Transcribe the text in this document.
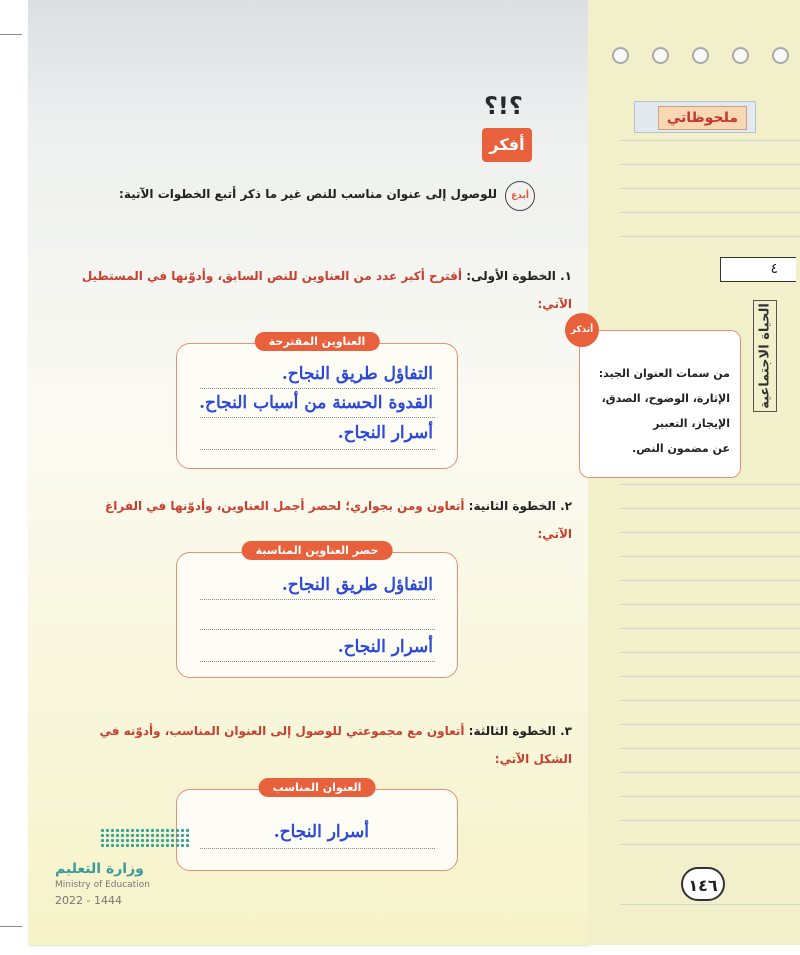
ملحوظاتي
٤
الحياة الاجتماعية
من سمات العنوان الجيد:
الإثارة، الوضوح، الصدق،
الإيجاز، التعبير
عن مضمون النص.
أتذكر
١٤٦
؟!؟
أفكر
أبدع
للوصول إلى عنوان مناسب للنص غير ما ذكر أتبع الخطوات الآتية:
١. الخطوة الأولى: أقترح أكبر عدد من العناوين للنص السابق، وأدوّنها في المستطيل الآتي:
العناوين المقترحة
التفاؤل طريق النجاح.
القدوة الحسنة من أسباب النجاح.
أسرار النجاح.
٢. الخطوة الثانية: أتعاون ومن بجواري؛ لحصر أجمل العناوين، وأدوّنها في الفراغ الآتي:
حصر العناوين المناسبة
التفاؤل طريق النجاح.
أسرار النجاح.
٣. الخطوة الثالثة: أتعاون مع مجموعتي للوصول إلى العنوان المناسب، وأدوّنه في الشكل الآتي:
العنوان المناسب
أسرار النجاح.
وزارة التعليم
Ministry of Education
2022 - 1444
